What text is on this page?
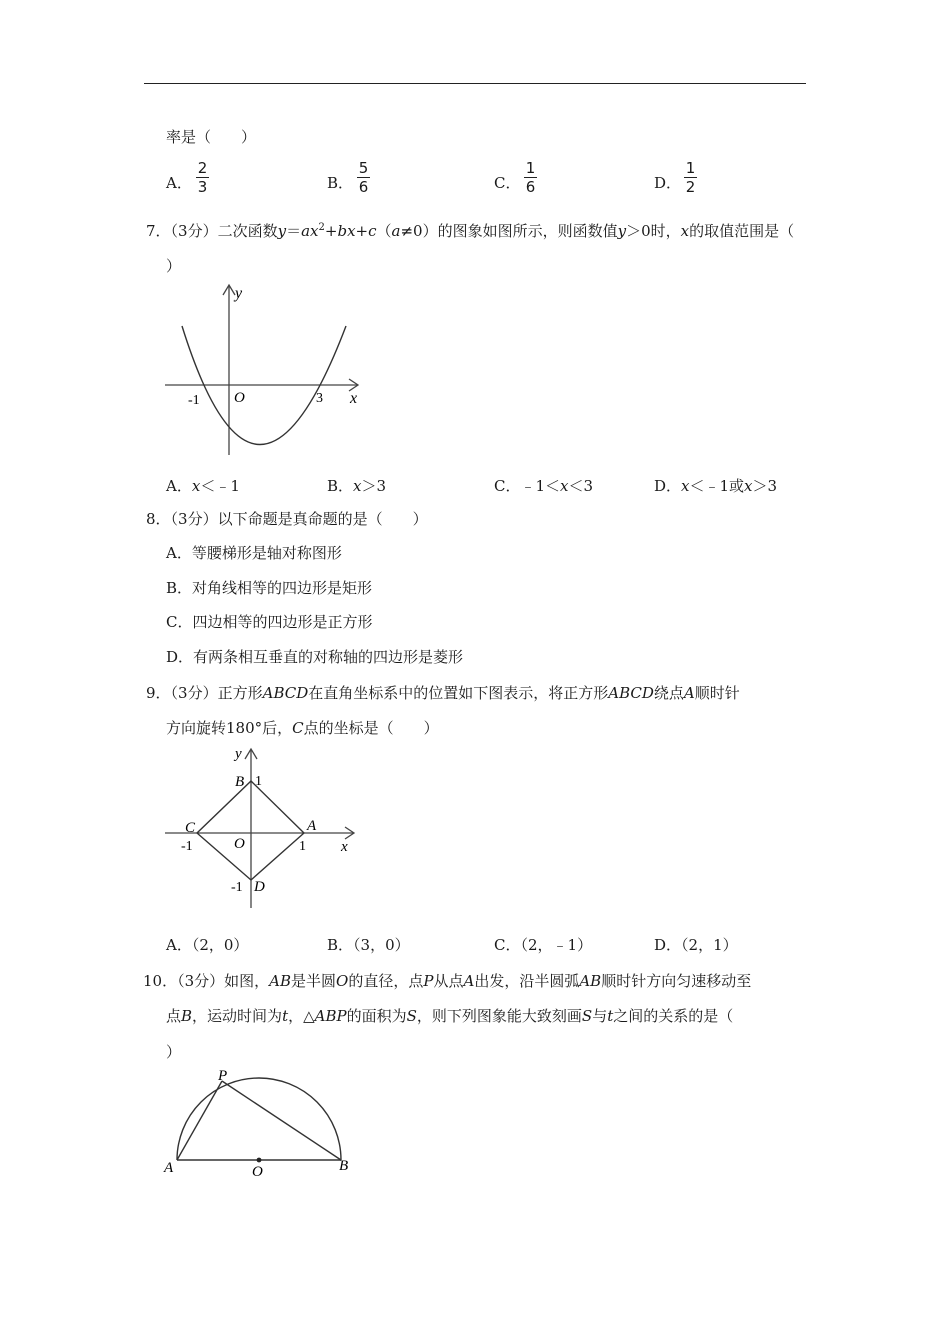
率是（　　）
A．
2
3	B．
5
6	C．
1
6	D．
1
2
7．（3分）二次函数$y=ax^2+bx+c(a\ne 0)$的图象如图所示，则函数值y＞0时，x的取值范围是（
）
y
x
O
-1	3
A．x＜﹣1	B．x＞3	C．﹣1＜x＜3	D．x＜﹣1或x＞3
8．（3分）以下命题是真命题的是（　　）
A．等腰梯形是轴对称图形
B．对角线相等的四边形是矩形
C．四边相等的四边形是正方形
D．有两条相互垂直的对称轴的四边形是菱形
9．（3分）正方形ABCD在直角坐标系中的位置如下图表示，将正方形ABCD绕点A顺时针
方向旋转180°后，C点的坐标是（　　）
y
x
O
A
B
C
D
1
-1
1
-1
A．（2，0）	B．（3，0）	C．（2，﹣1）	D．（2，1）
10．（3分）如图，AB是半圆O的直径，点P从点A出发，沿半圆弧AB顺时针方向匀速移动至
点B，运动时间为t，△ABP的面积为S，则下列图象能大致刻画S与t之间的关系的是（
）
P
A	O	B
